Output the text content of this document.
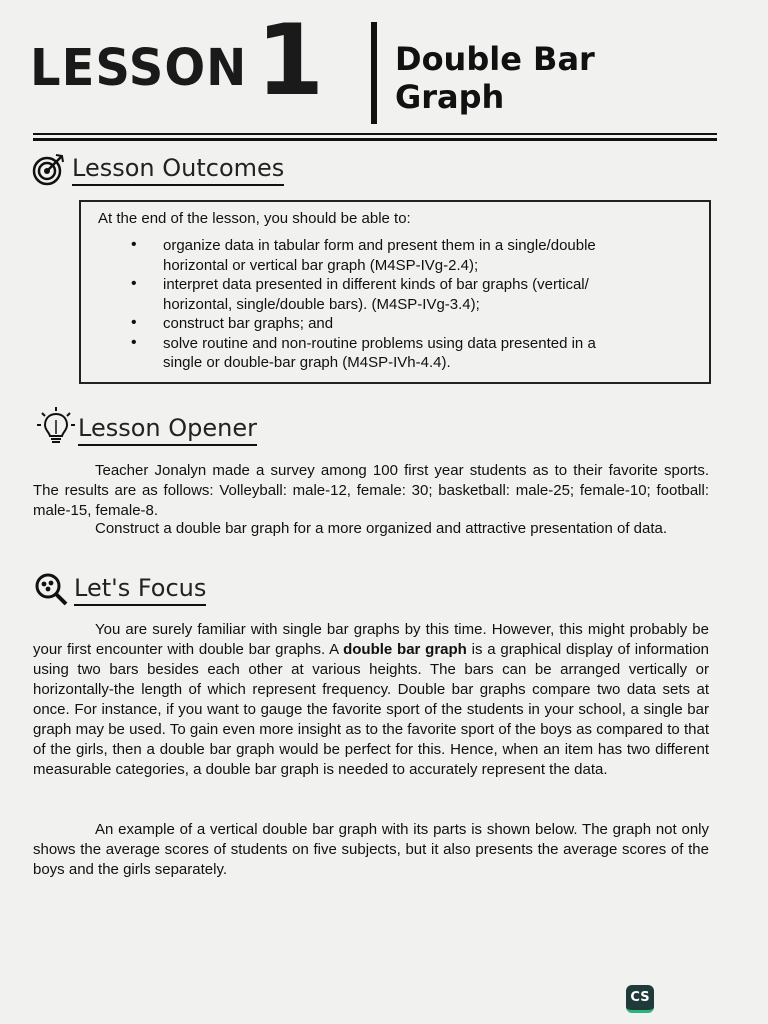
LESSON 1 Double Bar
Graph
Lesson Outcomes
At the end of the lesson, you should be able to:
• organize data in tabular form and present them in a single/double
horizontal or vertical bar graph (M4SP-IVg-2.4);
• interpret data presented in different kinds of bar graphs (vertical/
horizontal, single/double bars). (M4SP-IVg-3.4);
• construct bar graphs; and
• solve routine and non-routine problems using data presented in a
single or double-bar graph (M4SP-IVh-4.4).
Lesson Opener

Teacher Jonalyn made a survey among 100 first year students as to their favorite sports. The results are as follows: Volleyball: male-12, female: 30; basketball: male-25; female-10; football: male-15, female-8.

Construct a double bar graph for a more organized and attractive presentation of data.

Let's Focus

You are surely familiar with single bar graphs by this time. However, this might probably be your first encounter with double bar graphs. A double bar graph is a graphical display of information using two bars besides each other at various heights. The bars can be arranged vertically or horizontally-the length of which represent frequency. Double bar graphs compare two data sets at once. For instance, if you want to gauge the favorite sport of the students in your school, a single bar graph may be used. To gain even more insight as to the favorite sport of the boys as compared to that of the girls, then a double bar graph would be perfect for this. Hence, when an item has two different measurable categories, a double bar graph is needed to accurately represent the data.

An example of a vertical double bar graph with its parts is shown below. The graph not only shows the average scores of students on five subjects, but it also presents the average scores of the boys and the girls separately.

CS
